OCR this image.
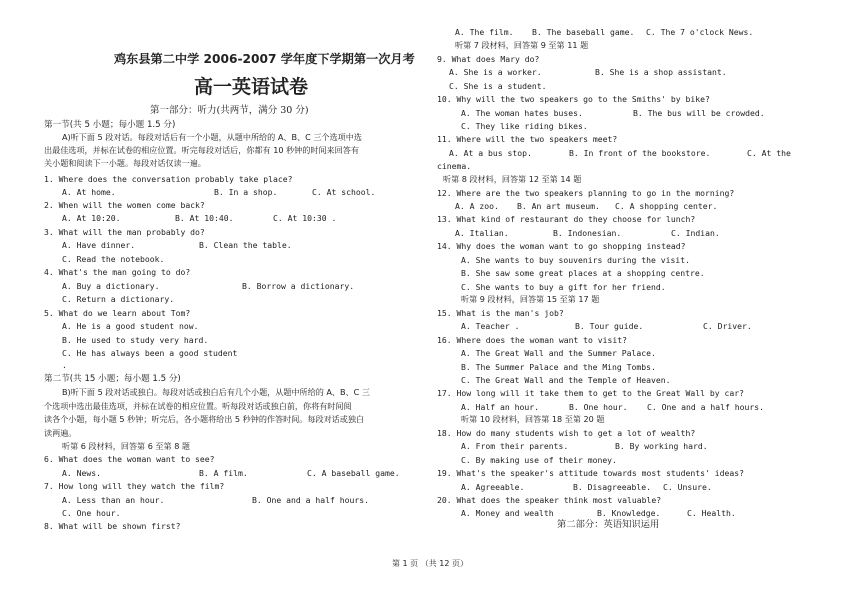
鸡东县第二中学 2006-2007 学年度下学期第一次月考
高一英语试卷
第一部分：听力(共两节，满分 30 分)
第一节(共 5 小题；每小题 1.5 分)
A)听下面 5 段对话。每段对话后有一个小题，从题中所给的 A、B、C 三个选项中选
出最佳选项，并标在试卷的相应位置。听完每段对话后，你都有 10 秒钟的时间来回答有
关小题和阅读下一小题。每段对话仅读一遍。
1. Where does the conversation probably take place?
A. At home.	B. In a shop.	C. At school.
2. When will the women come back?
A. At 10:20.	B. At 10:40.	C. At 10:30 .
3. What will the man probably do?
A. Have dinner.	B. Clean the table.
C. Read the notebook.
4. What's the man going to do?
A. Buy a dictionary.	B. Borrow a dictionary.
C. Return a dictionary.
5. What do we learn about Tom?
A. He is a good student now.
B. He used to study very hard.
C. He has always been a good student
.
第二节(共 15 小题；每小题 1.5 分)
B)听下面 5 段对话或独白。每段对话或独白后有几个小题，从题中所给的 A、B、C 三
个选项中选出最佳选项，并标在试卷的相应位置。听每段对话或独白前，你将有时间阅
读各个小题，每小题 5 秒钟；听完后，各小题将给出 5 秒钟的作答时间。每段对话或独白
读两遍。
听第 6 段材料，回答第 6 至第 8 题
6. What does the woman want to see?
A. News.	B. A film.	C. A baseball game.
7. How long will they watch the film?
A. Less than an hour.	B. One and a half hours.
C. One hour.
8. What will be shown first?
A. The film. B. The baseball game. C. The 7 o'clock News.
听第 7 段材料，回答第 9 至第 11 题
9. What does Mary do?
A. She is a worker.	B. She is a shop assistant.
C. She is a student.
10. Why will the two speakers go to the Smiths' by bike?
A. The woman hates buses.	B. The bus will be crowded.
C. They like riding bikes.
11. Where will the two speakers meet?
A. At a bus stop.	B. In front of the bookstore.	C. At the
cinema.
听第 8 段材料，回答第 12 至第 14 题
12. Where are the two speakers planning to go in the morning?
A. A zoo. B. An art museum. C. A shopping center.
13. What kind of restaurant do they choose for lunch?
A. Italian.	B. Indonesian.	C. Indian.
14. Why does the woman want to go shopping instead?
A. She wants to buy souvenirs during the visit.
B. She saw some great places at a shopping centre.
C. She wants to buy a gift for her friend.
听第 9 段材料，回答第 15 至第 17 题
15. What is the man's job?
A. Teacher .	B. Tour guide.	C. Driver.
16. Where does the woman want to visit?
A. The Great Wall and the Summer Palace.
B. The Summer Palace and the Ming Tombs.
C. The Great Wall and the Temple of Heaven.
17. How long will it take them to get to the Great Wall by car?
A. Half an hour.	B. One hour. C. One and a half hours.
听第 10 段材料，回答第 18 至第 20 题
18. How do many students wish to get a lot of wealth?
A. From their parents.	B. By working hard.
C. By making use of their money.
19. What's the speaker's attitude towards most students' ideas?
A. Agreeable.	B. Disagreeable. C. Unsure.
20. What does the speaker think most valuable?
A. Money and wealth	B. Knowledge.	C. Health.
第二部分：英语知识运用
第 1 页 （共 12 页）
